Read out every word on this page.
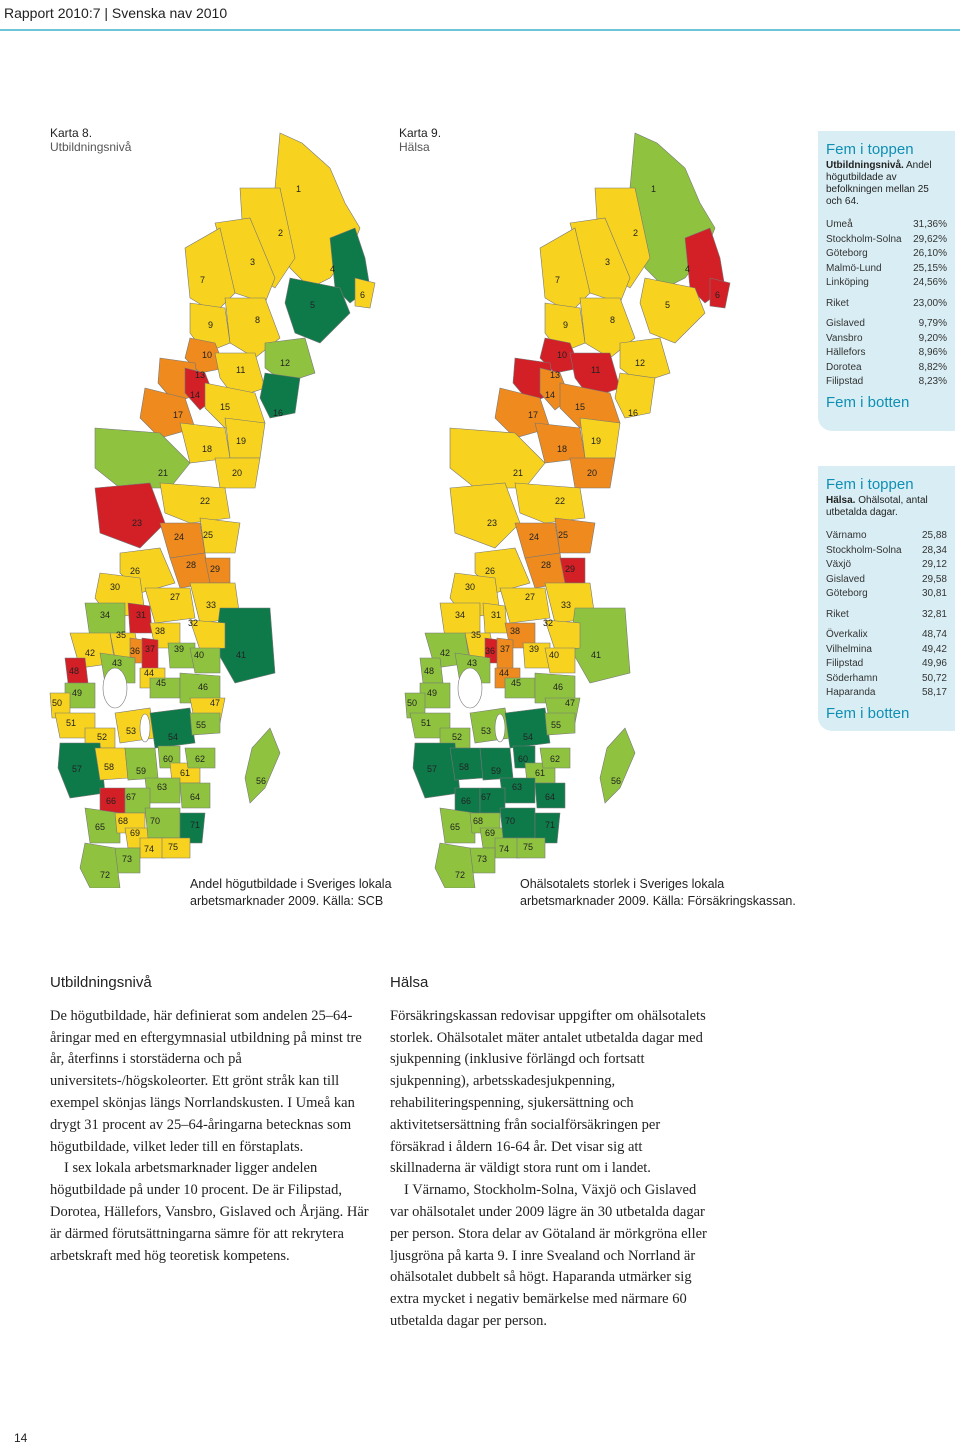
Rapport 2010:7 | Svenska nav 2010
Karta 8.
Utbildningsnivå
Karta 9.
Hälsa
1
2
3
4
5
6
7
8
9
10
11
12
13
14
15
16
17
18
19
20
21
22
23
24 25
26
28 29
30
27
33
34	31
32
35	38
36 37 39
40	41
42
43
44
45	46
47
48
49
50
51
52
53
54
55
56
57 58 59
60
61
62
63
64
66 67
65
68
69
70	71
74 75
73
72
1
2
3
4
5
6
7
8
9
10
11
12
13
14
15
16
17
18
19
20
21
22
23
24 25
26
28 29
30
27
33
34	31
32
35	38
36 37 39
40	41
42
43
44
45	46
47
48
49
50
51
52
53
54
55
56
57 58 59
60
61
62
63
64
66 67
65
68
69
70	71
74 75
73
72
Andel högutbildade i Sveriges lokala arbetsmarknader 2009. Källa: SCB
Ohälsotalets storlek i Sveriges lokala arbetsmarknader 2009. Källa: Försäkringskassan.
Fem i toppen
Utbildningsnivå. Andel högutbildade av befolkningen mellan 25 och 64.
Umeå	31,36%
Stockholm-Solna 29,62%
Göteborg	26,10%
Malmö-Lund	25,15%
Linköping	24,56%
Riket	23,00%
Gislaved	9,79%
Vansbro	9,20%
Hällefors	8,96%
Dorotea	8,82%
Filipstad	8,23%
Fem i botten
Fem i toppen
Hälsa. Ohälsotal, antal utbetalda dagar.
Värnamo	25,88
Stockholm-Solna 28,34
Växjö	29,12
Gislaved	29,58
Göteborg	30,81
Riket	32,81
Överkalix	48,74
Vilhelmina	49,42
Filipstad	49,96
Söderhamn	50,72
Haparanda	58,17
Fem i botten
Utbildningsnivå

De högutbildade, här definierat som andelen 25–64-åringar med en eftergymnasial utbildning på minst tre år, återfinns i storstäderna och på universitets-/högskoleorter. Ett grönt stråk kan till exempel skönjas längs Norrlandskusten. I Umeå kan drygt 31 procent av 25–64-åringarna betecknas som högutbildade, vilket leder till en förstaplats.

I sex lokala arbetsmarknader ligger andelen högutbildade på under 10 procent. De är Filipstad, Dorotea, Hällefors, Vansbro, Gislaved och Årjäng. Här är därmed förutsättningarna sämre för att rekrytera arbetskraft med hög teoretisk kompetens.

Hälsa

Försäkringskassan redovisar uppgifter om ohälsotalets storlek. Ohälsotalet mäter antalet utbetalda dagar med sjukpenning (inklusive förlängd och fortsatt sjukpenning), arbetsskadesjukpenning, rehabiliteringspenning, sjukersättning och aktivitetsersättning från socialförsäkringen per försäkrad i åldern 16-64 år. Det visar sig att skillnaderna är väldigt stora runt om i landet.

I Värnamo, Stockholm-Solna, Växjö och Gislaved var ohälsotalet under 2009 lägre än 30 utbetalda dagar per person. Stora delar av Götaland är mörkgröna eller ljusgröna på karta 9. I inre Svealand och Norrland är ohälsotalet dubbelt så högt. Haparanda utmärker sig extra mycket i negativ bemärkelse med närmare 60 utbetalda dagar per person.

14
